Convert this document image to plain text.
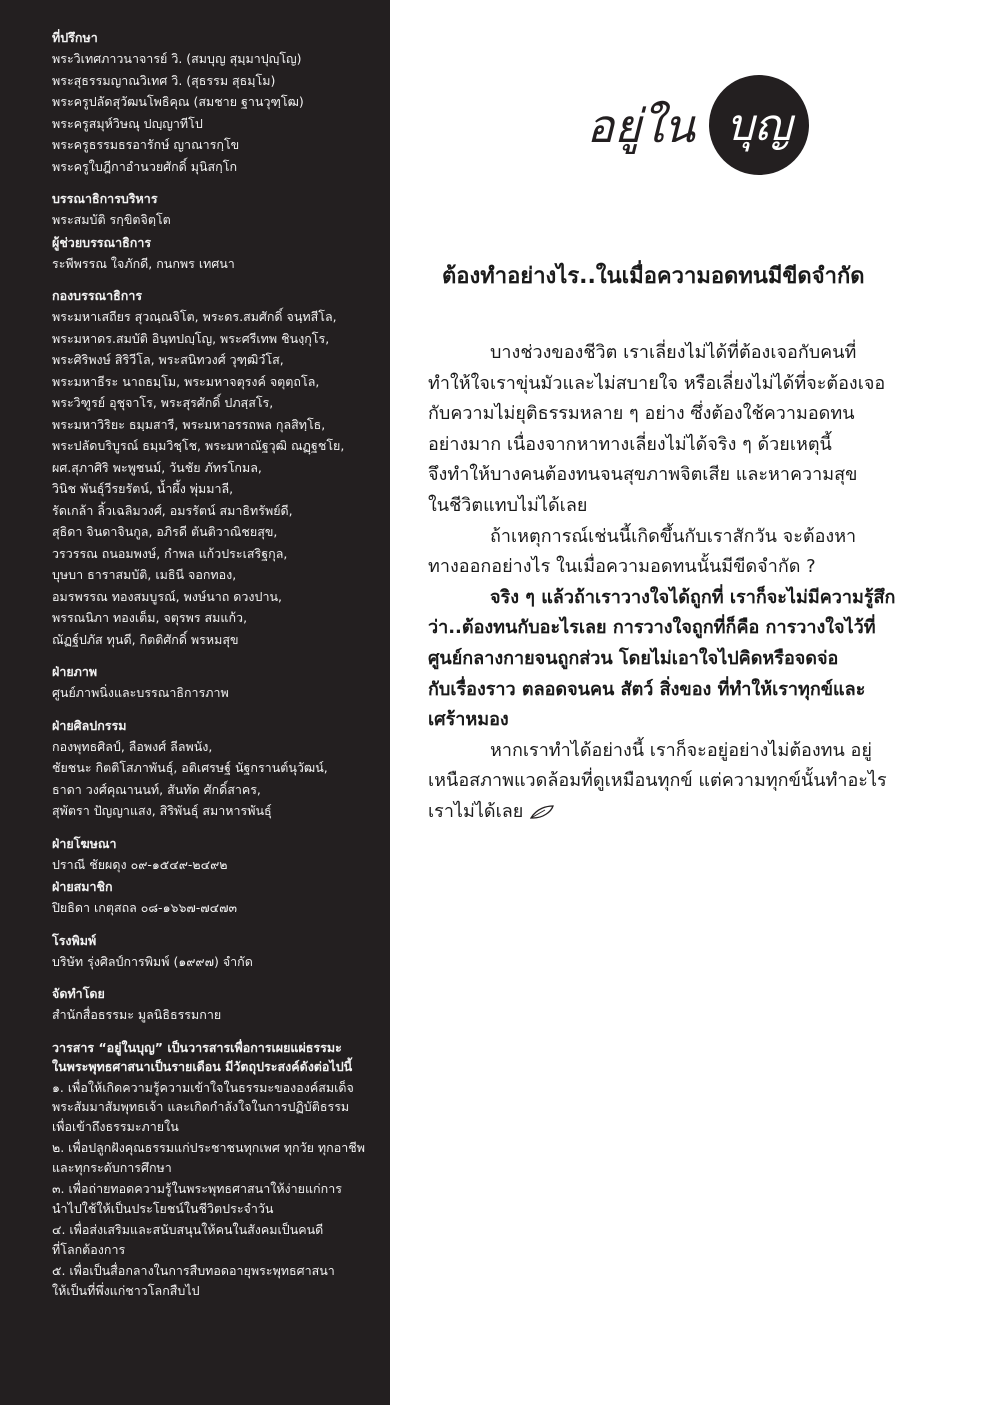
ที่ปรึกษา
พระวิเทศภาวนาจารย์ วิ. (สมบุญ สุมฺมาปุญฺโญ)
พระสุธรรมญาณวิเทศ วิ. (สุธรรม สุธมฺโม)
พระครูปลัดสุวัฒนโพธิคุณ (สมชาย ฐานวุฑฺโฒ)
พระครูสมุห์วิษณุ ปญฺญาทีโป
พระครูธรรมธรอารักษ์ ญาณารกฺโข
พระครูใบฎีกาอำนวยศักดิ์ มุนิสกฺโก
บรรณาธิการบริหาร
พระสมบัติ รกฺขิตจิตฺโต
ผู้ช่วยบรรณาธิการ
ระพีพรรณ ใจภักดี, กนกพร เทศนา
กองบรรณาธิการ
พระมหาเสถียร สุวณฺณจิโต, พระดร.สมศักดิ์ จนฺทสีโล,
พระมหาดร.สมบัติ อินฺทปญฺโญ, พระศรีเทพ ชินงฺกุโร,
พระศิริพงษ์ สิริวีโล, พระสนิทวงศ์ วุฑฺฒิวํโส,
พระมหาธีระ นาถธมฺโม, พระมหาจตุรงค์ จตุตฺถโล,
พระวิฑูรย์ อุชุจาโร, พระสุรศักดิ์ ปภสฺสโร,
พระมหาวิริยะ ธมฺมสารี, พระมหาอรรถพล กุลสิทฺโธ,
พระปลัดบริบูรณ์ ธมฺมวิชฺโช, พระมหาณัฐวุฒิ ณฏฺฐชโย,
ผศ.สุภาศิริ พะพูชนม์, วันชัย ภัทรโกมล,
วินิช พันธุ์วีรยรัตน์, น้ำผึ้ง พุ่มมาลี,
รัดเกล้า ลิ้วเฉลิมวงศ์, อมรรัตน์ สมาธิทรัพย์ดี,
สุธิดา จินดาจินกูล, อภิรดี ตันติวาณิชยสุข,
วรวรรณ ถนอมพงษ์, กำพล แก้วประเสริฐกุล,
บุษบา ธาราสมบัติ, เมธินี จอกทอง,
อมรพรรณ ทองสมบูรณ์, พงษ์นาถ ดวงปาน,
พรรณนิภา ทองเต็ม, จตุรพร สมแก้ว,
ณัฏฐ์ปภัส ทุนดี, กิตติศักดิ์ พรหมสุข
ฝ่ายภาพ
ศูนย์ภาพนิ่งและบรรณาธิการภาพ
ฝ่ายศิลปกรรม
กองพุทธศิลป์, ลือพงศ์ ลีลพนัง,
ชัยชนะ กิตติโสภาพันธุ์, อติเศรษฐ์ นัฐกรานต์นุวัฒน์,
ธาดา วงศ์คุณานนท์, สันทัด ศักดิ์สาคร,
สุพัตรา ปัญญาแสง, สิริพันธุ์ สมาหารพันธุ์
ฝ่ายโฆษณา
ปราณี ชัยผดุง ๐๙-๑๕๔๙-๒๔๙๒
ฝ่ายสมาชิก
ปิยธิดา เกตุสถล ๐๘-๑๖๖๗-๗๔๗๓
โรงพิมพ์
บริษัท รุ่งศิลป์การพิมพ์ (๑๙๙๗) จำกัด
จัดทำโดย
สำนักสื่อธรรมะ มูลนิธิธรรมกาย
วารสาร “อยู่ในบุญ” เป็นวารสารเพื่อการเผยแผ่ธรรมะ
ในพระพุทธศาสนาเป็นรายเดือน มีวัตถุประสงค์ดังต่อไปนี้
๑. เพื่อให้เกิดความรู้ความเข้าใจในธรรมะขององค์สมเด็จ
พระสัมมาสัมพุทธเจ้า และเกิดกำลังใจในการปฏิบัติธรรม
เพื่อเข้าถึงธรรมะภายใน
๒. เพื่อปลูกฝังคุณธรรมแก่ประชาชนทุกเพศ ทุกวัย ทุกอาชีพ
และทุกระดับการศึกษา
๓. เพื่อถ่ายทอดความรู้ในพระพุทธศาสนาให้ง่ายแก่การ
นำไปใช้ให้เป็นประโยชน์ในชีวิตประจำวัน
๔. เพื่อส่งเสริมและสนับสนุนให้คนในสังคมเป็นคนดี
ที่โลกต้องการ
๕. เพื่อเป็นสื่อกลางในการสืบทอดอายุพระพุทธศาสนา
ให้เป็นที่พึ่งแก่ชาวโลกสืบไป
อยู่ใน บุญ
ต้องทำอย่างไร..ในเมื่อความอดทนมีขีดจำกัด
บางช่วงของชีวิต เราเลี่ยงไม่ได้ที่ต้องเจอกับคนที่
ทำให้ใจเราขุ่นมัวและไม่สบายใจ หรือเลี่ยงไม่ได้ที่จะต้องเจอ
กับความไม่ยุติธรรมหลาย ๆ อย่าง ซึ่งต้องใช้ความอดทน
อย่างมาก เนื่องจากหาทางเลี่ยงไม่ได้จริง ๆ ด้วยเหตุนี้
จึงทำให้บางคนต้องทนจนสุขภาพจิตเสีย และหาความสุข
ในชีวิตแทบไม่ได้เลย
ถ้าเหตุการณ์เช่นนี้เกิดขึ้นกับเราสักวัน จะต้องหา
ทางออกอย่างไร ในเมื่อความอดทนนั้นมีขีดจำกัด ?
จริง ๆ แล้วถ้าเราวางใจได้ถูกที่ เราก็จะไม่มีความรู้สึก
ว่า..ต้องทนกับอะไรเลย การวางใจถูกที่ก็คือ การวางใจไว้ที่
ศูนย์กลางกายจนถูกส่วน โดยไม่เอาใจไปคิดหรือจดจ่อ
กับเรื่องราว ตลอดจนคน สัตว์ สิ่งของ ที่ทำให้เราทุกข์และ
เศร้าหมอง
หากเราทำได้อย่างนี้ เราก็จะอยู่อย่างไม่ต้องทน อยู่
เหนือสภาพแวดล้อมที่ดูเหมือนทุกข์ แต่ความทุกข์นั้นทำอะไร
เราไม่ได้เลย
